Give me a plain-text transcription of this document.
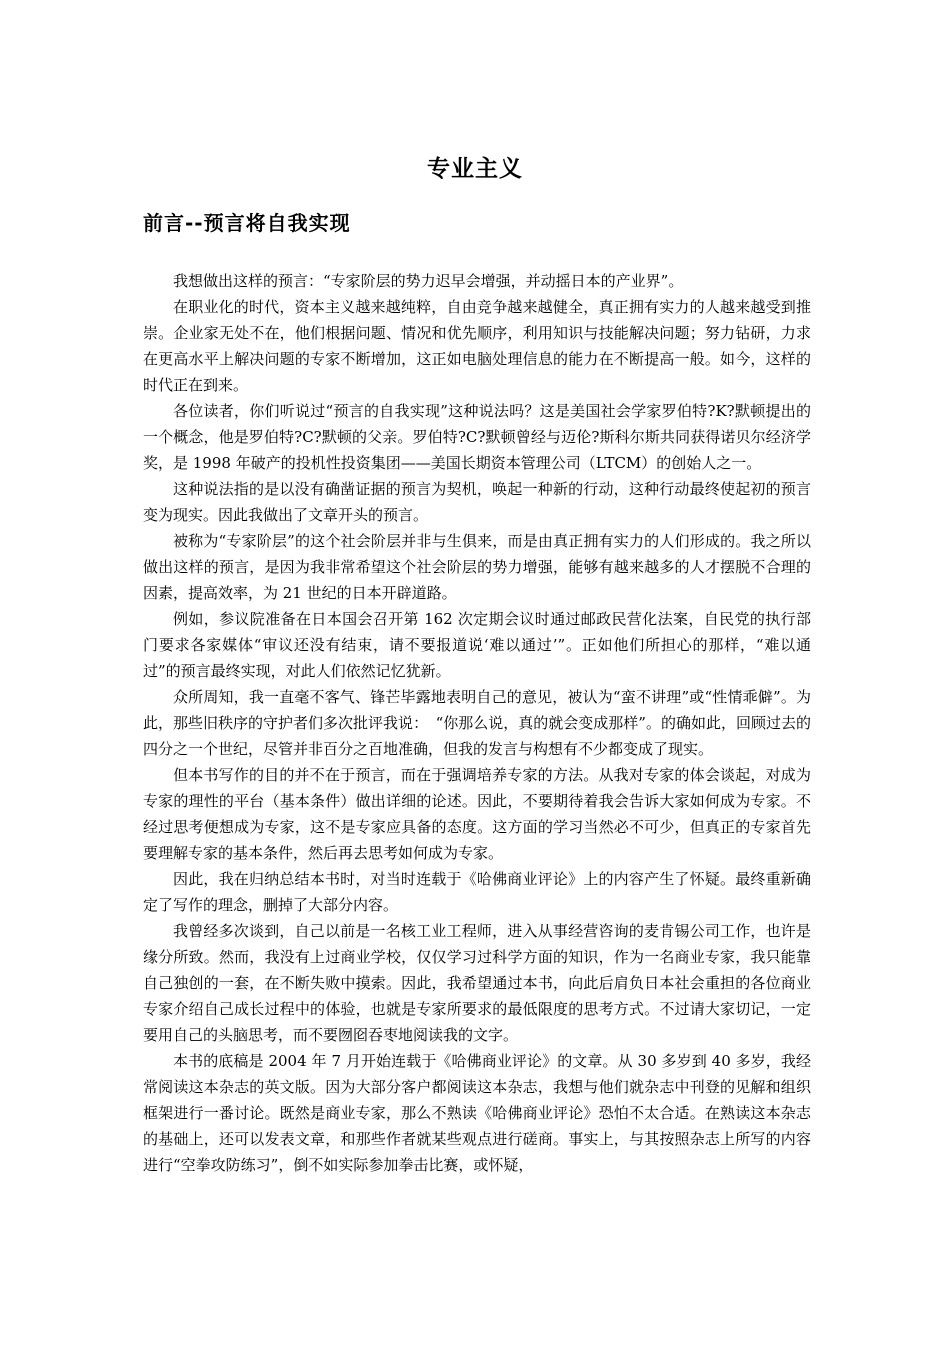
专业主义
前言--预言将自我实现

我想做出这样的预言：“专家阶层的势力迟早会增强，并动摇日本的产业界”。

在职业化的时代，资本主义越来越纯粹，自由竞争越来越健全，真正拥有实力的人越来越受到推崇。企业家无处不在，他们根据问题、情况和优先顺序，利用知识与技能解决问题；努力钻研，力求在更高水平上解决问题的专家不断增加，这正如电脑处理信息的能力在不断提高一般。如今，这样的时代正在到来。

各位读者，你们听说过“预言的自我实现”这种说法吗？这是美国社会学家罗伯特?K?默顿提出的一个概念，他是罗伯特?C?默顿的父亲。罗伯特?C?默顿曾经与迈伦?斯科尔斯共同获得诺贝尔经济学奖，是 1998 年破产的投机性投资集团——美国长期资本管理公司（LTCM）的创始人之一。

这种说法指的是以没有确凿证据的预言为契机，唤起一种新的行动，这种行动最终使起初的预言变为现实。因此我做出了文章开头的预言。

被称为“专家阶层”的这个社会阶层并非与生俱来，而是由真正拥有实力的人们形成的。我之所以做出这样的预言，是因为我非常希望这个社会阶层的势力增强，能够有越来越多的人才摆脱不合理的因素，提高效率，为 21 世纪的日本开辟道路。

例如，参议院准备在日本国会召开第 162 次定期会议时通过邮政民营化法案，自民党的执行部门要求各家媒体“审议还没有结束，请不要报道说‘难以通过’”。正如他们所担心的那样，“难以通过”的预言最终实现，对此人们依然记忆犹新。

众所周知，我一直毫不客气、锋芒毕露地表明自己的意见，被认为“蛮不讲理”或“性情乖僻”。为此，那些旧秩序的守护者们多次批评我说：　“你那么说，真的就会变成那样”。的确如此，回顾过去的四分之一个世纪，尽管并非百分之百地准确，但我的发言与构想有不少都变成了现实。

但本书写作的目的并不在于预言，而在于强调培养专家的方法。从我对专家的体会谈起，对成为专家的理性的平台（基本条件）做出详细的论述。因此，不要期待着我会告诉大家如何成为专家。不经过思考便想成为专家，这不是专家应具备的态度。这方面的学习当然必不可少，但真正的专家首先要理解专家的基本条件，然后再去思考如何成为专家。

因此，我在归纳总结本书时，对当时连载于《哈佛商业评论》上的内容产生了怀疑。最终重新确定了写作的理念，删掉了大部分内容。

我曾经多次谈到，自己以前是一名核工业工程师，进入从事经营咨询的麦肯锡公司工作，也许是缘分所致。然而，我没有上过商业学校，仅仅学习过科学方面的知识，作为一名商业专家，我只能靠自己独创的一套，在不断失败中摸索。因此，我希望通过本书，向此后肩负日本社会重担的各位商业专家介绍自己成长过程中的体验，也就是专家所要求的最低限度的思考方式。不过请大家切记，一定要用自己的头脑思考，而不要囫囵吞枣地阅读我的文字。

本书的底稿是 2004 年 7 月开始连载于《哈佛商业评论》的文章。从 30 多岁到 40 多岁，我经常阅读这本杂志的英文版。因为大部分客户都阅读这本杂志，我想与他们就杂志中刊登的见解和组织框架进行一番讨论。既然是商业专家，那么不熟读《哈佛商业评论》恐怕不太合适。在熟读这本杂志的基础上，还可以发表文章，和那些作者就某些观点进行磋商。事实上，与其按照杂志上所写的内容进行“空拳攻防练习”，倒不如实际参加拳击比赛，或怀疑，
